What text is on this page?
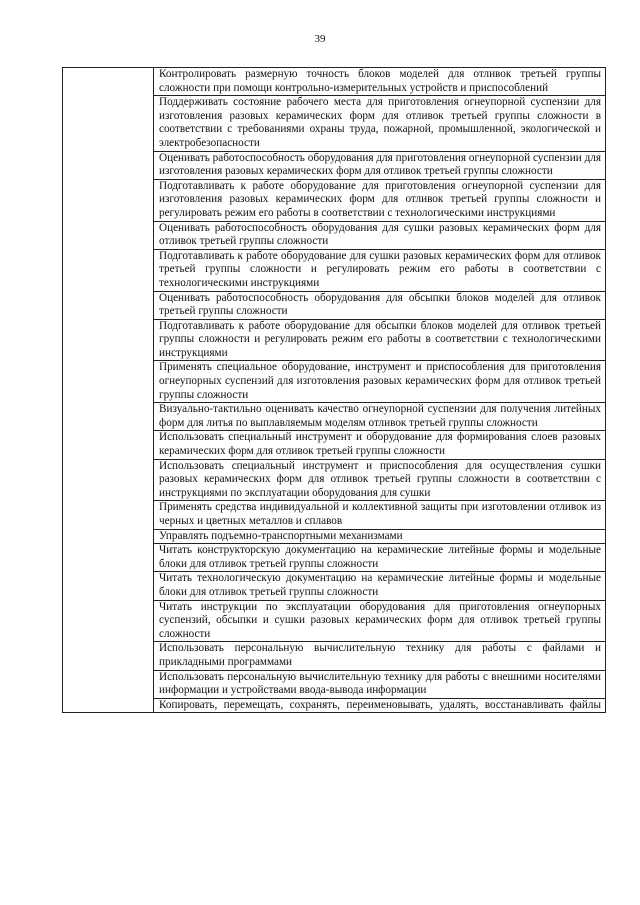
39
	Контролировать размерную точность блоков моделей для отливок третьей группы сложности при помощи контрольно-измерительных устройств и приспособлений
Поддерживать состояние рабочего места для приготовления огнеупорной суспензии для изготовления разовых керамических форм для отливок третьей группы сложности в соответствии с требованиями охраны труда, пожарной, промышленной, экологической и электробезопасности
Оценивать работоспособность оборудования для приготовления огнеупорной суспензии для изготовления разовых керамических форм для отливок третьей группы сложности
Подготавливать к работе оборудование для приготовления огнеупорной суспензии для изготовления разовых керамических форм для отливок третьей группы сложности и регулировать режим его работы в соответствии с технологическими инструкциями
Оценивать работоспособность оборудования для сушки разовых керамических форм для отливок третьей группы сложности
Подготавливать к работе оборудование для сушки разовых керамических форм для отливок третьей группы сложности и регулировать режим его работы в соответствии с технологическими инструкциями
Оценивать работоспособность оборудования для обсыпки блоков моделей для отливок третьей группы сложности
Подготавливать к работе оборудование для обсыпки блоков моделей для отливок третьей группы сложности и регулировать режим его работы в соответствии с технологическими инструкциями
Применять специальное оборудование, инструмент и приспособления для приготовления огнеупорных суспензий для изготовления разовых керамических форм для отливок третьей группы сложности
Визуально-тактильно оценивать качество огнеупорной суспензии для получения литейных форм для литья по выплавляемым моделям отливок третьей группы сложности
Использовать специальный инструмент и оборудование для формирования слоев разовых керамических форм для отливок третьей группы сложности
Использовать специальный инструмент и приспособления для осуществления сушки разовых керамических форм для отливок третьей группы сложности в соответствии с инструкциями по эксплуатации оборудования для сушки
Применять средства индивидуальной и коллективной защиты при изготовлении отливок из черных и цветных металлов и сплавов
Управлять подъемно-транспортными механизмами
Читать конструкторскую документацию на керамические литейные формы и модельные блоки для отливок третьей группы сложности
Читать технологическую документацию на керамические литейные формы и модельные блоки для отливок третьей группы сложности
Читать инструкции по эксплуатации оборудования для приготовления огнеупорных суспензий, обсыпки и сушки разовых керамических форм для отливок третьей группы сложности
Использовать персональную вычислительную технику для работы с файлами и прикладными программами
Использовать персональную вычислительную технику для работы с внешними носителями информации и устройствами ввода-вывода информации
Копировать, перемещать, сохранять, переименовывать, удалять, восстанавливать файлы
